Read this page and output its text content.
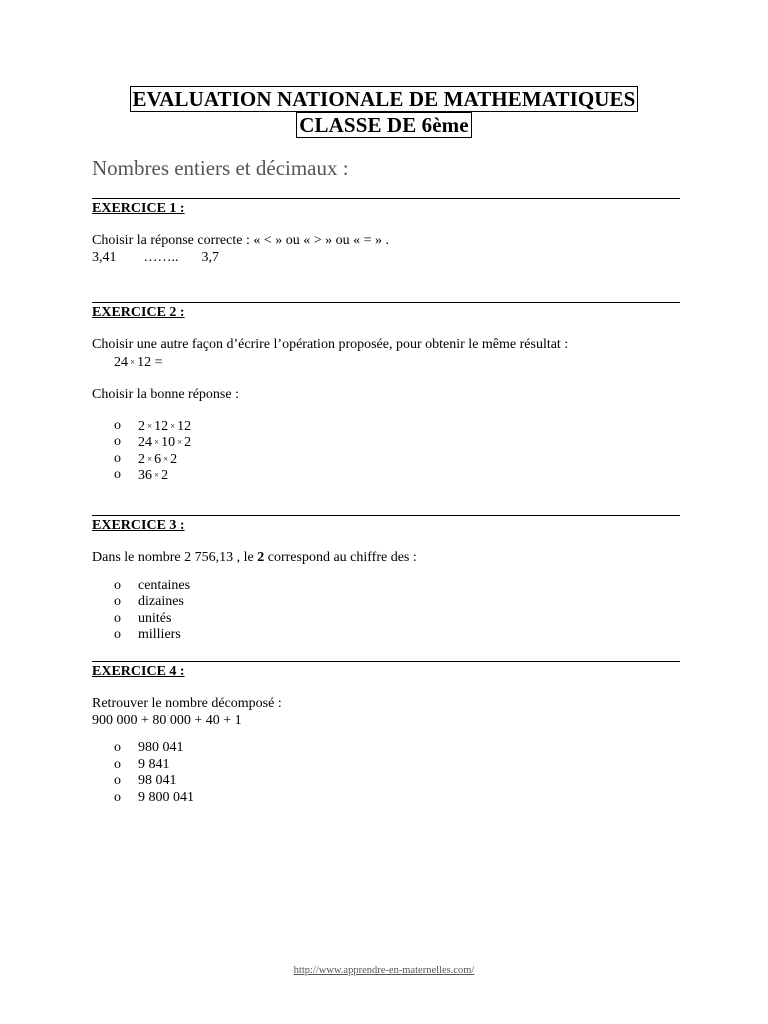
EVALUATION NATIONALE DE MATHEMATIQUES
CLASSE DE 6ème
Nombres entiers et décimaux :
EXERCICE 1 :

Choisir la réponse correcte : « < » ou « > » ou « = » .

3,41 …….. 3,7

EXERCICE 2 :

Choisir une autre façon d’écrire l’opération proposée, pour obtenir le même résultat :

24 × 12 =

Choisir la bonne réponse :

o 2 × 12 × 12
o 24 × 10 × 2
o 2 × 6 × 2
o 36 × 2
EXERCICE 3 :

Dans le nombre 2 756,13 , le 2 correspond au chiffre des :

o centaines
o dizaines
o unités
o milliers
EXERCICE 4 :

Retrouver le nombre décomposé :

900 000 + 80 000 + 40 + 1

o 980 041
o 9 841
o 98 041
o 9 800 041
http://www.apprendre-en-maternelles.com/
